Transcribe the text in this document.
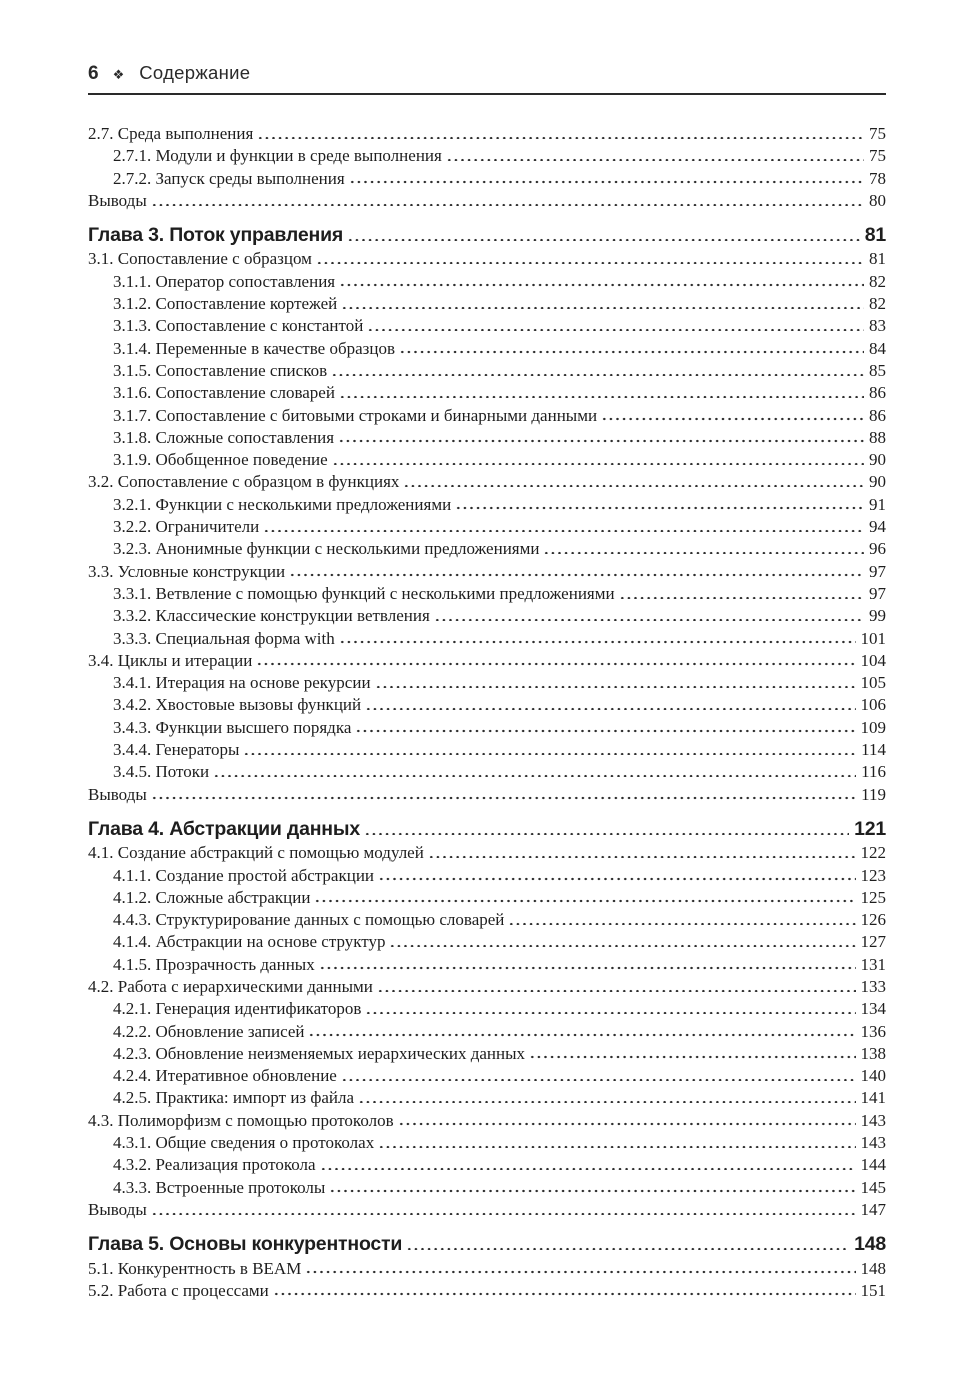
6 ❖ Содержание
2.7. Среда выполнения	75
2.7.1. Модули и функции в среде выполнения	75
2.7.2. Запуск среды выполнения	78
Выводы	80
Глава 3. Поток управления	81
3.1. Сопоставление с образцом	81
3.1.1. Оператор сопоставления	82
3.1.2. Сопоставление кортежей	82
3.1.3. Сопоставление с константой	83
3.1.4. Переменные в качестве образцов	84
3.1.5. Сопоставление списков	85
3.1.6. Сопоставление словарей	86
3.1.7. Сопоставление с битовыми строками и бинарными данными	86
3.1.8. Сложные сопоставления	88
3.1.9. Обобщенное поведение	90
3.2. Сопоставление с образцом в функциях	90
3.2.1. Функции с несколькими предложениями	91
3.2.2. Ограничители	94
3.2.3. Анонимные функции с несколькими предложениями	96
3.3. Условные конструкции	97
3.3.1. Ветвление с помощью функций с несколькими предложениями	97
3.3.2. Классические конструкции ветвления	99
3.3.3. Специальная форма with	101
3.4. Циклы и итерации	104
3.4.1. Итерация на основе рекурсии	105
3.4.2. Хвостовые вызовы функций	106
3.4.3. Функции высшего порядка	109
3.4.4. Генераторы	114
3.4.5. Потоки	116
Выводы	119
Глава 4. Абстракции данных	121
4.1. Создание абстракций с помощью модулей	122
4.1.1. Создание простой абстракции	123
4.1.2. Сложные абстракции	125
4.4.3. Структурирование данных с помощью словарей	126
4.1.4. Абстракции на основе структур	127
4.1.5. Прозрачность данных	131
4.2. Работа с иерархическими данными	133
4.2.1. Генерация идентификаторов	134
4.2.2. Обновление записей	136
4.2.3. Обновление неизменяемых иерархических данных	138
4.2.4. Итеративное обновление	140
4.2.5. Практика: импорт из файла	141
4.3. Полиморфизм с помощью протоколов	143
4.3.1. Общие сведения о протоколах	143
4.3.2. Реализация протокола	144
4.3.3. Встроенные протоколы	145
Выводы	147
Глава 5. Основы конкурентности	148
5.1. Конкурентность в BEAM	148
5.2. Работа с процессами	151
